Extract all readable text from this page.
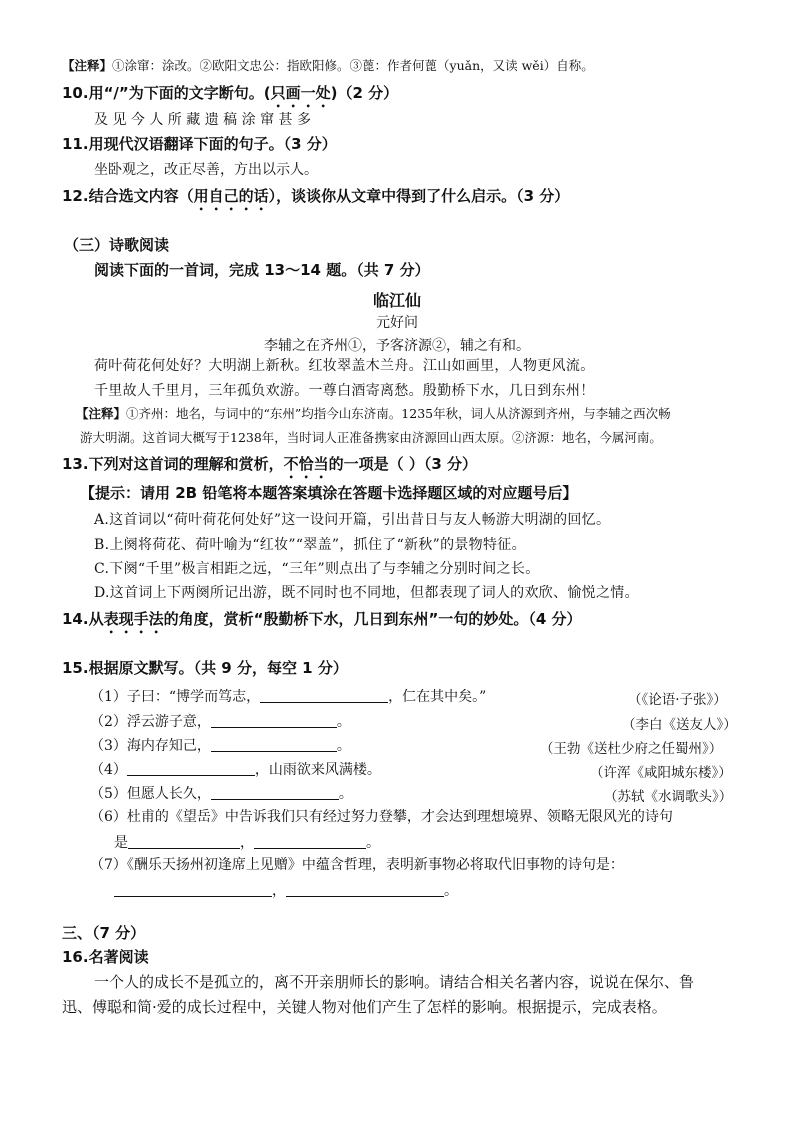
【注释】①涂窜：涂改。②欧阳文忠公：指欧阳修。③蓖：作者何蓖（yuǎn，又读 wěi）自称。
10.用“/”为下面的文字断句。(只画一处)（2 分）
及 见 今 人 所 藏 遗 稿 涂 窜 甚 多
11.用现代汉语翻译下面的句子。（3 分）
坐卧观之，改正尽善，方出以示人。
12.结合选文内容（用自己的话），谈谈你从文章中得到了什么启示。（3 分）
（三）诗歌阅读
阅读下面的一首词，完成 13～14 题。（共 7 分）
临江仙
元好问
李辅之在齐州①，予客济源②，辅之有和。
荷叶荷花何处好？大明湖上新秋。红妆翠盖木兰舟。江山如画里，人物更风流。
千里故人千里月，三年孤负欢游。一尊白酒寄离愁。殷勤桥下水，几日到东州！
【注释】①齐州：地名，与词中的“东州”均指今山东济南。1235年秋，词人从济源到齐州，与李辅之西次畅
游大明湖。这首词大概写于1238年，当时词人正准备携家由济源回山西太原。②济源：地名，今属河南。
13.下列对这首词的理解和赏析，不恰当的一项是（ ）（3 分）
【提示：请用 2B 铅笔将本题答案填涂在答题卡选择题区域的对应题号后】
A.这首词以“荷叶荷花何处好”这一设问开篇，引出昔日与友人畅游大明湖的回忆。
B.上阕将荷花、荷叶喻为“红妆”“翠盖”，抓住了“新秋”的景物特征。
C.下阕“千里”极言相距之远，“三年”则点出了与李辅之分别时间之长。
D.这首词上下两阕所记出游，既不同时也不同地，但都表现了词人的欢欣、愉悦之情。
14.从表现手法的角度，赏析“殷勤桥下水，几日到东州”一句的妙处。（4 分）
15.根据原文默写。（共 9 分，每空 1 分）
（1）子曰：“博学而笃志，	，仁在其中矣。”	（《论语·子张》）
（2）浮云游子意，	。	（李白《送友人》）
（3）海内存知己，	。	（王勃《送杜少府之任蜀州》）
（4）	，山雨欲来风满楼。	（许浑《咸阳城东楼》）
（5）但愿人长久，	。	（苏轼《水调歌头》）
（6）杜甫的《望岳》中告诉我们只有经过努力登攀，才会达到理想境界、领略无限风光的诗句
是	，	。
（7）《酬乐天扬州初逢席上见赠》中蕴含哲理，表明新事物必将取代旧事物的诗句是：
，	。
三、（7 分）
16.名著阅读
一个人的成长不是孤立的，离不开亲朋师长的影响。请结合相关名著内容，说说在保尔、鲁
迅、傅聪和简·爱的成长过程中，关键人物对他们产生了怎样的影响。根据提示，完成表格。
